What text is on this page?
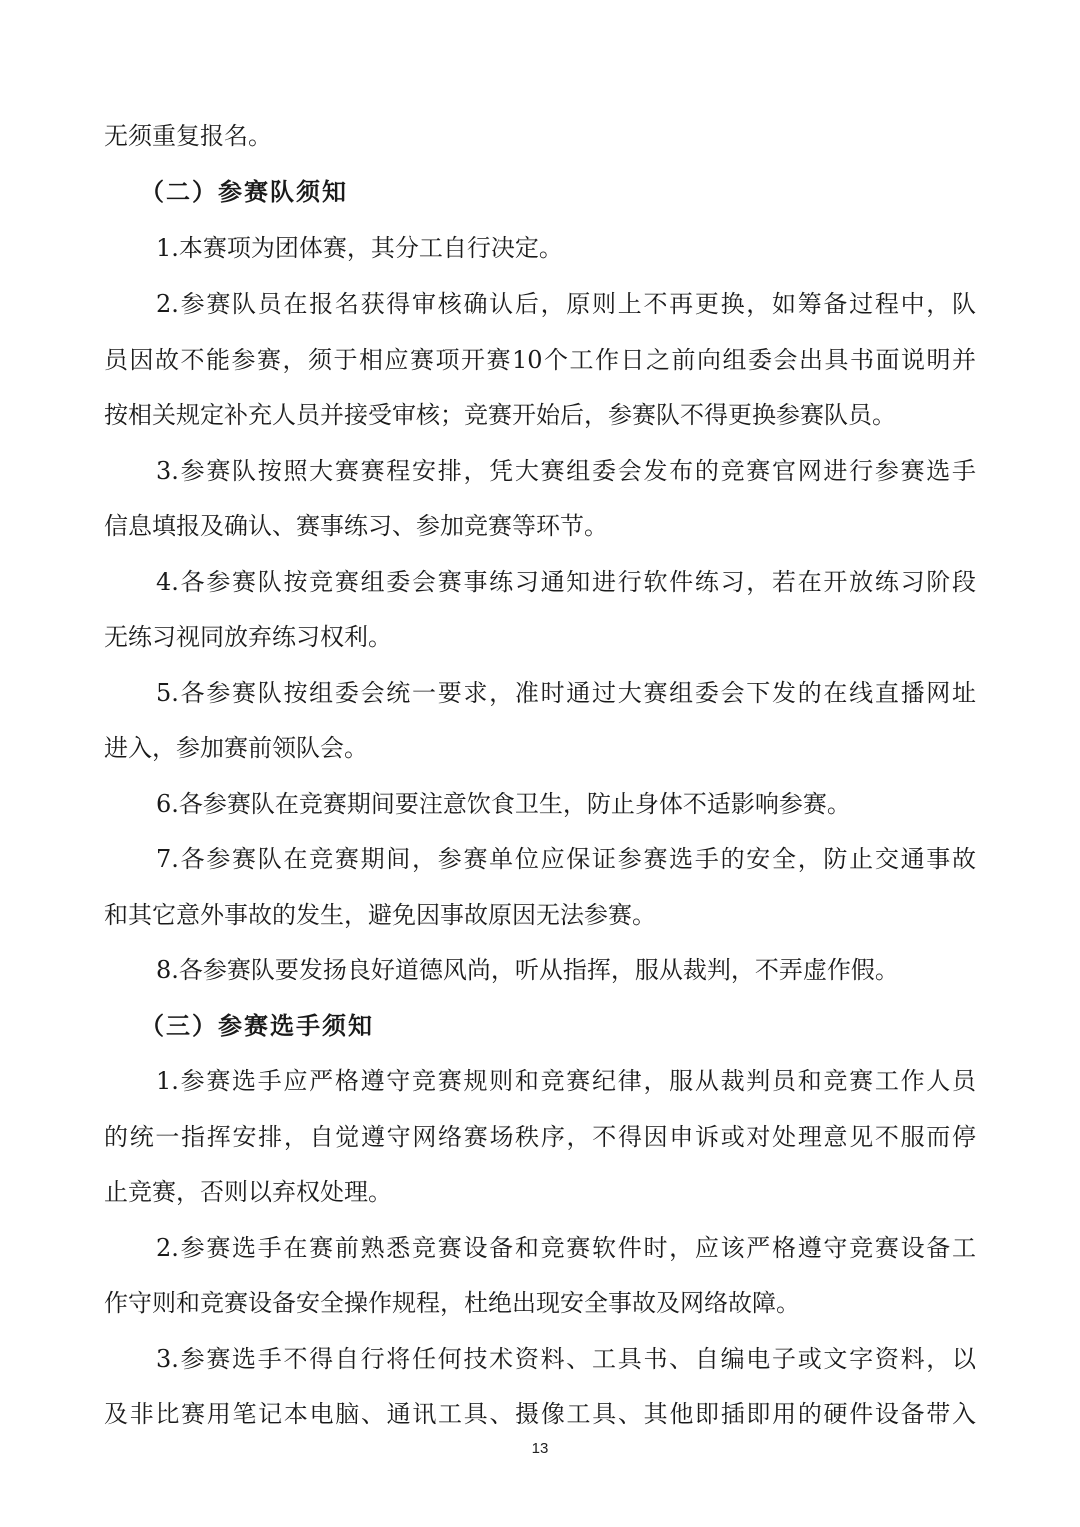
无须重复报名。
（二）参赛队须知
1.本赛项为团体赛，其分工自行决定。
2.参赛队员在报名获得审核确认后，原则上不再更换，如筹备过程中，队
员因故不能参赛，须于相应赛项开赛10个工作日之前向组委会出具书面说明并
按相关规定补充人员并接受审核；竞赛开始后，参赛队不得更换参赛队员。
3.参赛队按照大赛赛程安排，凭大赛组委会发布的竞赛官网进行参赛选手
信息填报及确认、赛事练习、参加竞赛等环节。
4.各参赛队按竞赛组委会赛事练习通知进行软件练习，若在开放练习阶段
无练习视同放弃练习权利。
5.各参赛队按组委会统一要求，准时通过大赛组委会下发的在线直播网址
进入，参加赛前领队会。
6.各参赛队在竞赛期间要注意饮食卫生，防止身体不适影响参赛。
7.各参赛队在竞赛期间，参赛单位应保证参赛选手的安全，防止交通事故
和其它意外事故的发生，避免因事故原因无法参赛。
8.各参赛队要发扬良好道德风尚，听从指挥，服从裁判，不弄虚作假。
（三）参赛选手须知
1.参赛选手应严格遵守竞赛规则和竞赛纪律，服从裁判员和竞赛工作人员
的统一指挥安排，自觉遵守网络赛场秩序，不得因申诉或对处理意见不服而停
止竞赛，否则以弃权处理。
2.参赛选手在赛前熟悉竞赛设备和竞赛软件时，应该严格遵守竞赛设备工
作守则和竞赛设备安全操作规程，杜绝出现安全事故及网络故障。
3.参赛选手不得自行将任何技术资料、工具书、自编电子或文字资料，以
及非比赛用笔记本电脑、通讯工具、摄像工具、其他即插即用的硬件设备带入
13
